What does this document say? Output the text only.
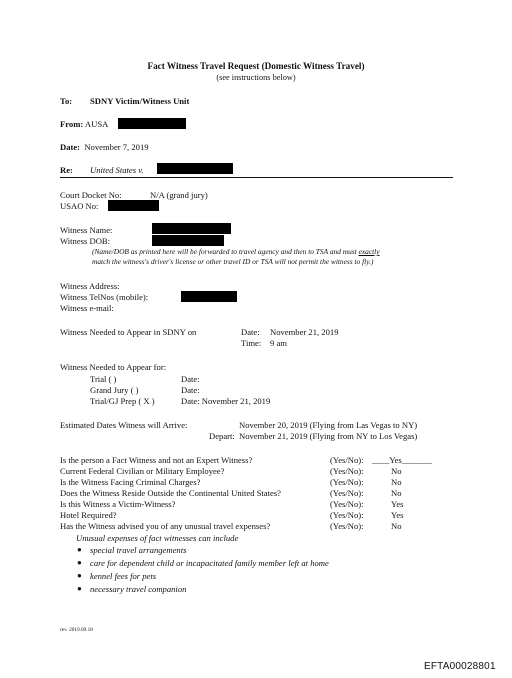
Fact Witness Travel Request (Domestic Witness Travel)
(see instructions below)
To: SDNY Victim/Witness Unit
From: AUSA
Date: November 7, 2019
Re: United States v.
Court Docket No:	N/A (grand jury)
USAO No:
Witness Name:
Witness DOB:
(Name/DOB as printed here will be forwarded to travel agency and then to TSA and must exactly
match the witness's driver's license or other travel ID or TSA will not permit the witness to fly.)
Witness Address:
Witness TelNos (mobile):
Witness e-mail:
Witness Needed to Appear in SDNY on	Date: November 21, 2019
Time: 9 am
Witness Needed to Appear for:
Trial ( )	Date:
Grand Jury ( )	Date:
Trial/GJ Prep ( X )	Date: November 21, 2019
Estimated Dates Witness will Arrive:	November 20, 2019 (Flying from Las Vegas to NY)
Depart: November 21, 2019 (Flying from NY to Los Vegas)
Is the person a Fact Witness and not an Expert Witness?	(Yes/No): ____Yes_______
Current Federal Civilian or Military Employee?	(Yes/No):	No
Is the Witness Facing Criminal Charges?	(Yes/No):	No
Does the Witness Reside Outside the Continental United States?	(Yes/No):	No
Is this Witness a Victim-Witness?	(Yes/No):	Yes
Hotel Required?	(Yes/No):	Yes
Has the Witness advised you of any unusual travel expenses?	(Yes/No):	No
Unusual expenses of fact witnesses can include
● special travel arrangements
● care for dependent child or incapacitated family member left at home
● kennel fees for pets
● necessary travel companion
rev. 2019.09.18
EFTA00028801
